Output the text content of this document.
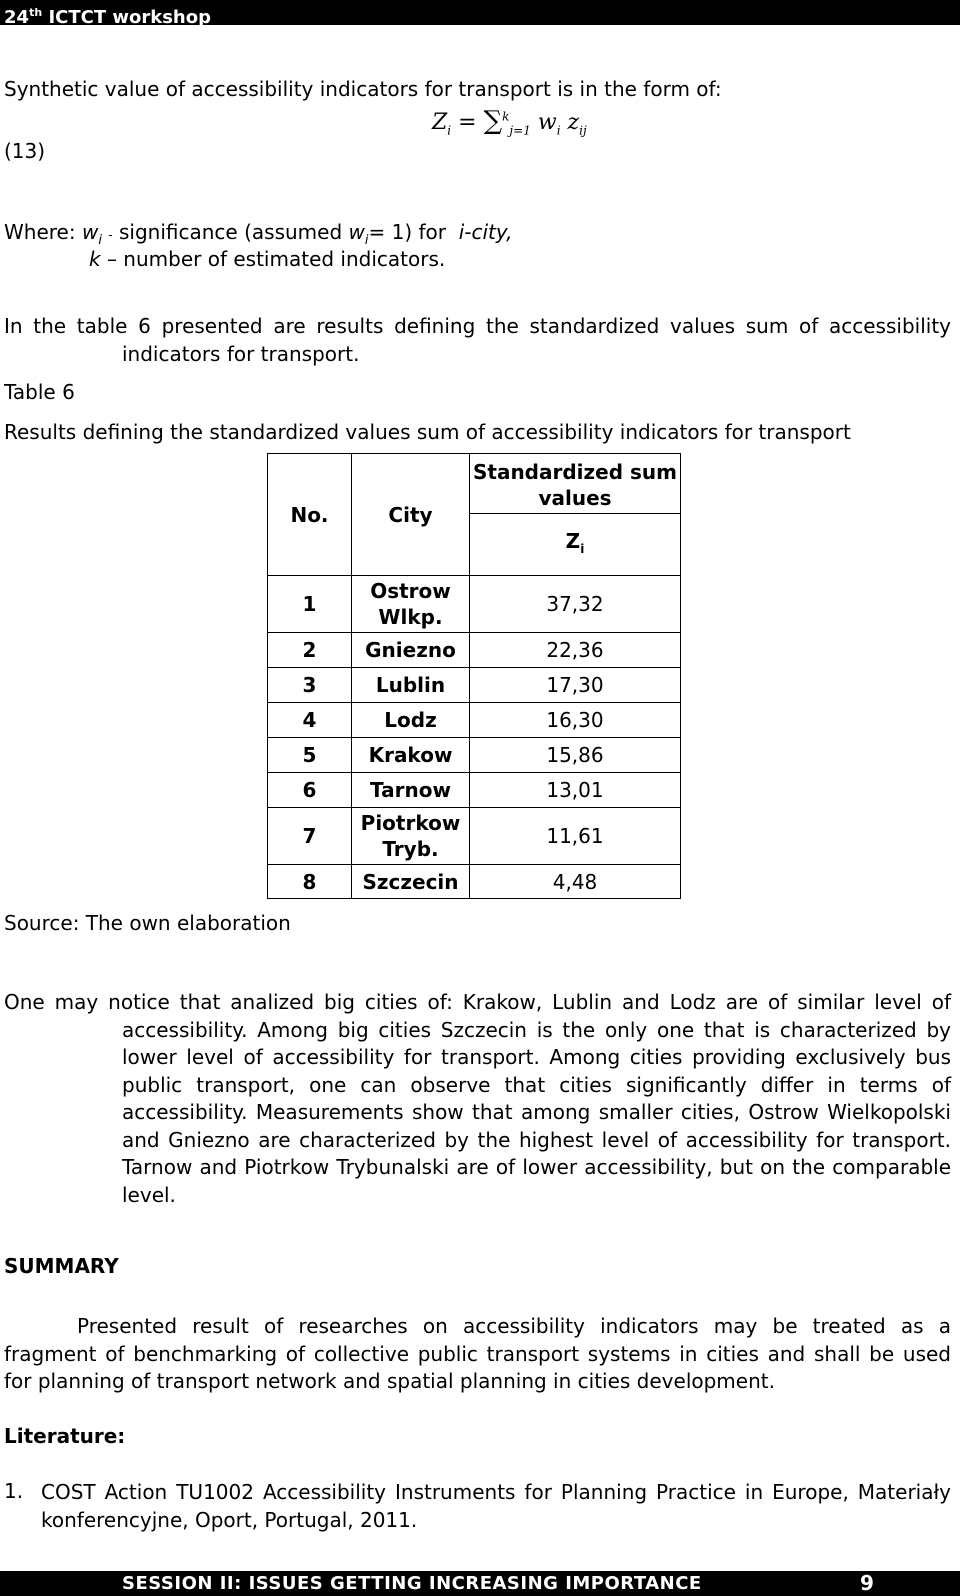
24th ICTCT workshop
Synthetic value of accessibility indicators for transport is in the form of:
$Z_i = \sum^k_{j=1}$ $w_i$ $z_{ij}$
(13)
Where: $w_i$ - significance (assumed $w_i= 1$) for i-city,
k – number of estimated indicators.

In the table 6 presented are results defining the standardized values sum of accessibility indicators for transport.

Table 6
Results defining the standardized values sum of accessibility indicators for transport
No.	City	Standardized sum values
		$Z_i$
1	Ostrow Wlkp.	37,32
2	Gniezno	22,36
3	Lublin	17,30
4	Lodz	16,30
5	Krakow	15,86
6	Tarnow	13,01
7	Piotrkow Tryb.	11,61
8	Szczecin	4,48
Source: The own elaboration

One may notice that analized big cities of: Krakow, Lublin and Lodz are of similar level of accessibility. Among big cities Szczecin is the only one that is characterized by lower level of accessibility for transport. Among cities providing exclusively bus public transport, one can observe that cities significantly differ in terms of accessibility. Measurements show that among smaller cities, Ostrow Wielkopolski and Gniezno are characterized by the highest level of accessibility for transport. Tarnow and Piotrkow Trybunalski are of lower accessibility, but on the comparable level.

SUMMARY

Presented result of researches on accessibility indicators may be treated as a fragment of benchmarking of collective public transport systems in cities and shall be used for planning of transport network and spatial planning in cities development.

Literature:
1. COST Action TU1002 Accessibility Instruments for Planning Practice in Europe, Materiały konferencyjne, Oport, Portugal, 2011.

SESSION II: ISSUES GETTING INCREASING IMPORTANCE	9
